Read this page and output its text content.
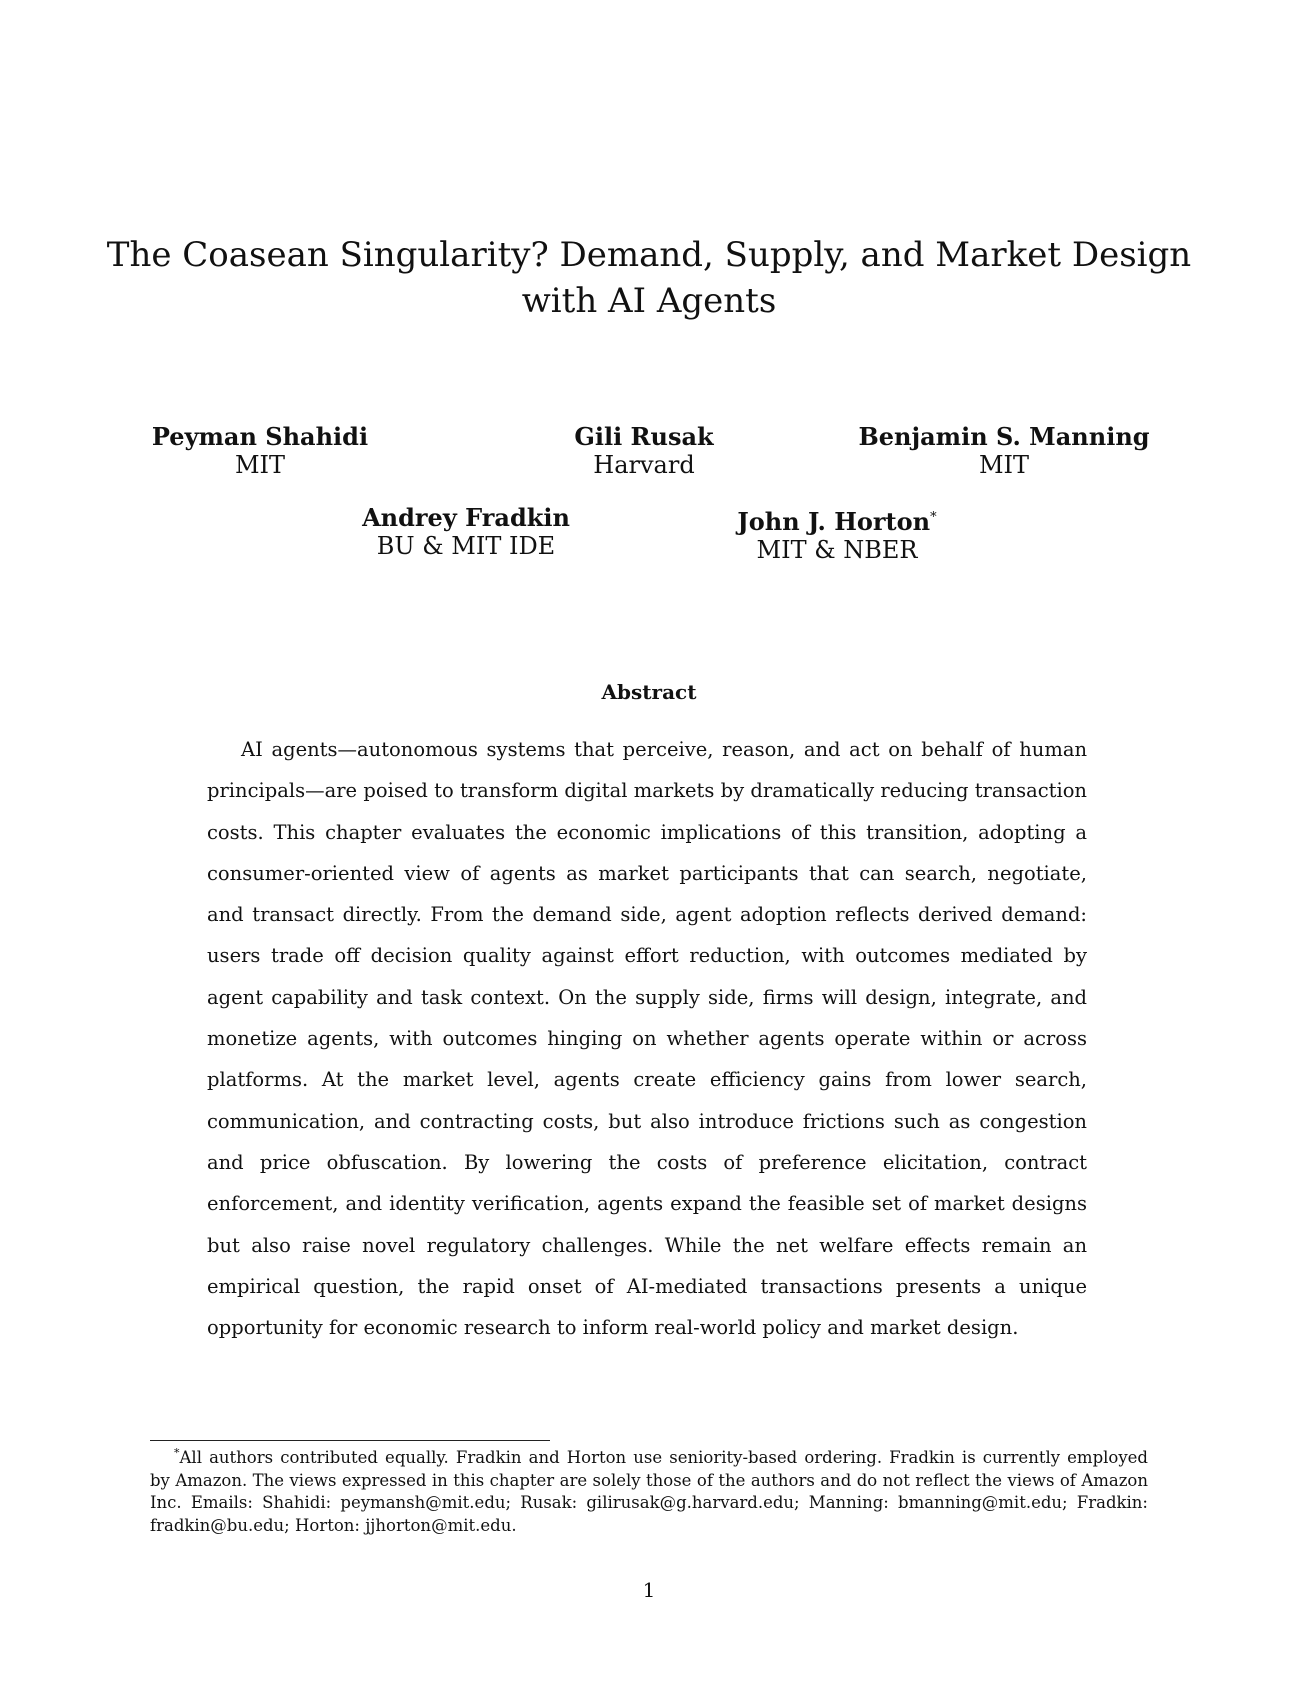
The Coasean Singularity? Demand, Supply, and Market Design
with AI Agents
Peyman Shahidi
MIT
Gili Rusak
Harvard
Benjamin S. Manning
MIT
Andrey Fradkin
BU & MIT IDE
John J. Horton*
MIT & NBER
Abstract
AI agents—autonomous systems that perceive, reason, and act on behalf of human principals—are poised to transform digital markets by dramatically reducing transaction costs. This chapter evaluates the economic implications of this transition, adopting a consumer-oriented view of agents as market participants that can search, negotiate, and transact directly. From the demand side, agent adoption reflects derived demand: users trade off decision quality against effort reduction, with outcomes mediated by agent capability and task context. On the supply side, firms will design, integrate, and monetize agents, with outcomes hinging on whether agents operate within or across platforms. At the market level, agents create efficiency gains from lower search, communication, and contracting costs, but also introduce frictions such as congestion and price obfuscation. By lowering the costs of preference elicitation, contract enforcement, and identity verification, agents expand the feasible set of market designs but also raise novel regulatory challenges. While the net welfare effects remain an empirical question, the rapid onset of AI-mediated transactions presents a unique opportunity for economic research to inform real-world policy and market design.
*All authors contributed equally. Fradkin and Horton use seniority-based ordering. Fradkin is currently employed by Amazon. The views expressed in this chapter are solely those of the authors and do not reflect the views of Amazon Inc. Emails: Shahidi: peymansh@mit.edu; Rusak: gilirusak@g.harvard.edu; Manning: bmanning@mit.edu; Fradkin: fradkin@bu.edu; Horton: jjhorton@mit.edu.
1
